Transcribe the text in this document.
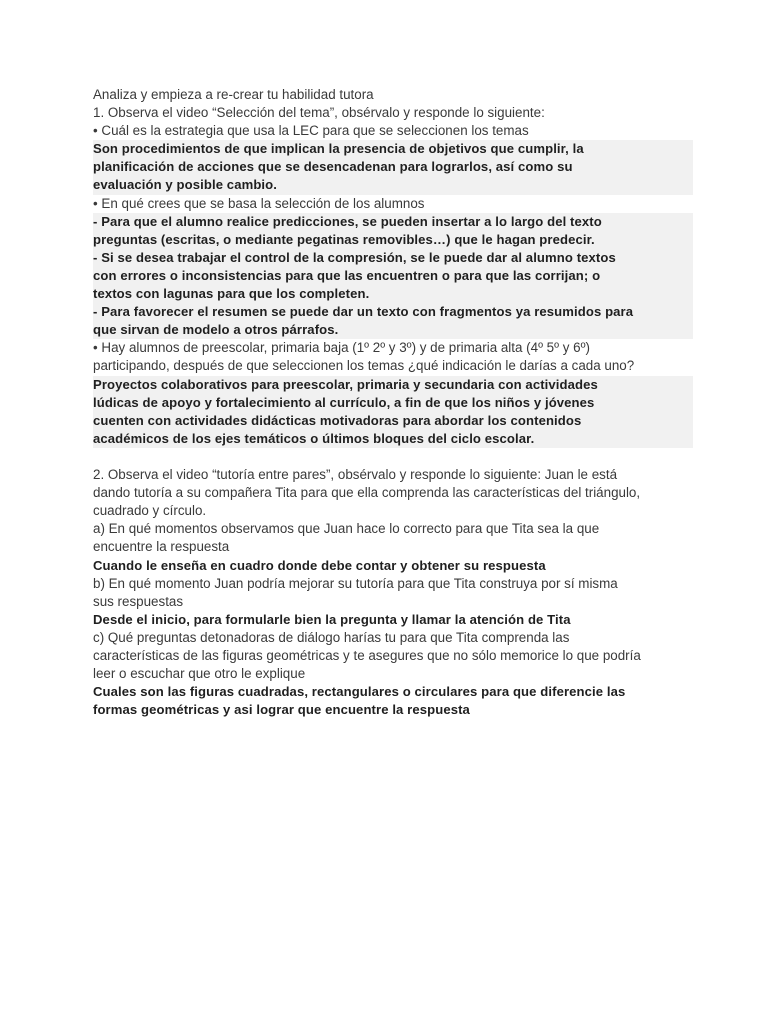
Analiza y empieza a re-crear tu habilidad tutora
1. Observa el video “Selección del tema”, obsérvalo y responde lo siguiente:
• Cuál es la estrategia que usa la LEC para que se seleccionen los temas
Son procedimientos de que implican la presencia de objetivos que cumplir, la
planificación de acciones que se desencadenan para lograrlos, así como su
evaluación y posible cambio.
• En qué crees que se basa la selección de los alumnos
- Para que el alumno realice predicciones, se pueden insertar a lo largo del texto
preguntas (escritas, o mediante pegatinas removibles…) que le hagan predecir.
- Si se desea trabajar el control de la compresión, se le puede dar al alumno textos
con errores o inconsistencias para que las encuentren o para que las corrijan; o
textos con lagunas para que los completen.
- Para favorecer el resumen se puede dar un texto con fragmentos ya resumidos para
que sirvan de modelo a otros párrafos.
• Hay alumnos de preescolar, primaria baja (1º 2º y 3º) y de primaria alta (4º 5º y 6º)
participando, después de que seleccionen los temas ¿qué indicación le darías a cada uno?
Proyectos colaborativos para preescolar, primaria y secundaria con actividades
lúdicas de apoyo y fortalecimiento al currículo, a fin de que los niños y jóvenes
cuenten con actividades didácticas motivadoras para abordar los contenidos
académicos de los ejes temáticos o últimos bloques del ciclo escolar.
2. Observa el video “tutoría entre pares”, obsérvalo y responde lo siguiente: Juan le está
dando tutoría a su compañera Tita para que ella comprenda las características del triángulo,
cuadrado y círculo.
a) En qué momentos observamos que Juan hace lo correcto para que Tita sea la que
encuentre la respuesta
Cuando le enseña en cuadro donde debe contar y obtener su respuesta
b) En qué momento Juan podría mejorar su tutoría para que Tita construya por sí misma
sus respuestas
Desde el inicio, para formularle bien la pregunta y llamar la atención de Tita
c) Qué preguntas detonadoras de diálogo harías tu para que Tita comprenda las
características de las figuras geométricas y te asegures que no sólo memorice lo que podría
leer o escuchar que otro le explique
Cuales son las figuras cuadradas, rectangulares o circulares para que diferencie las
formas geométricas y asi lograr que encuentre la respuesta
